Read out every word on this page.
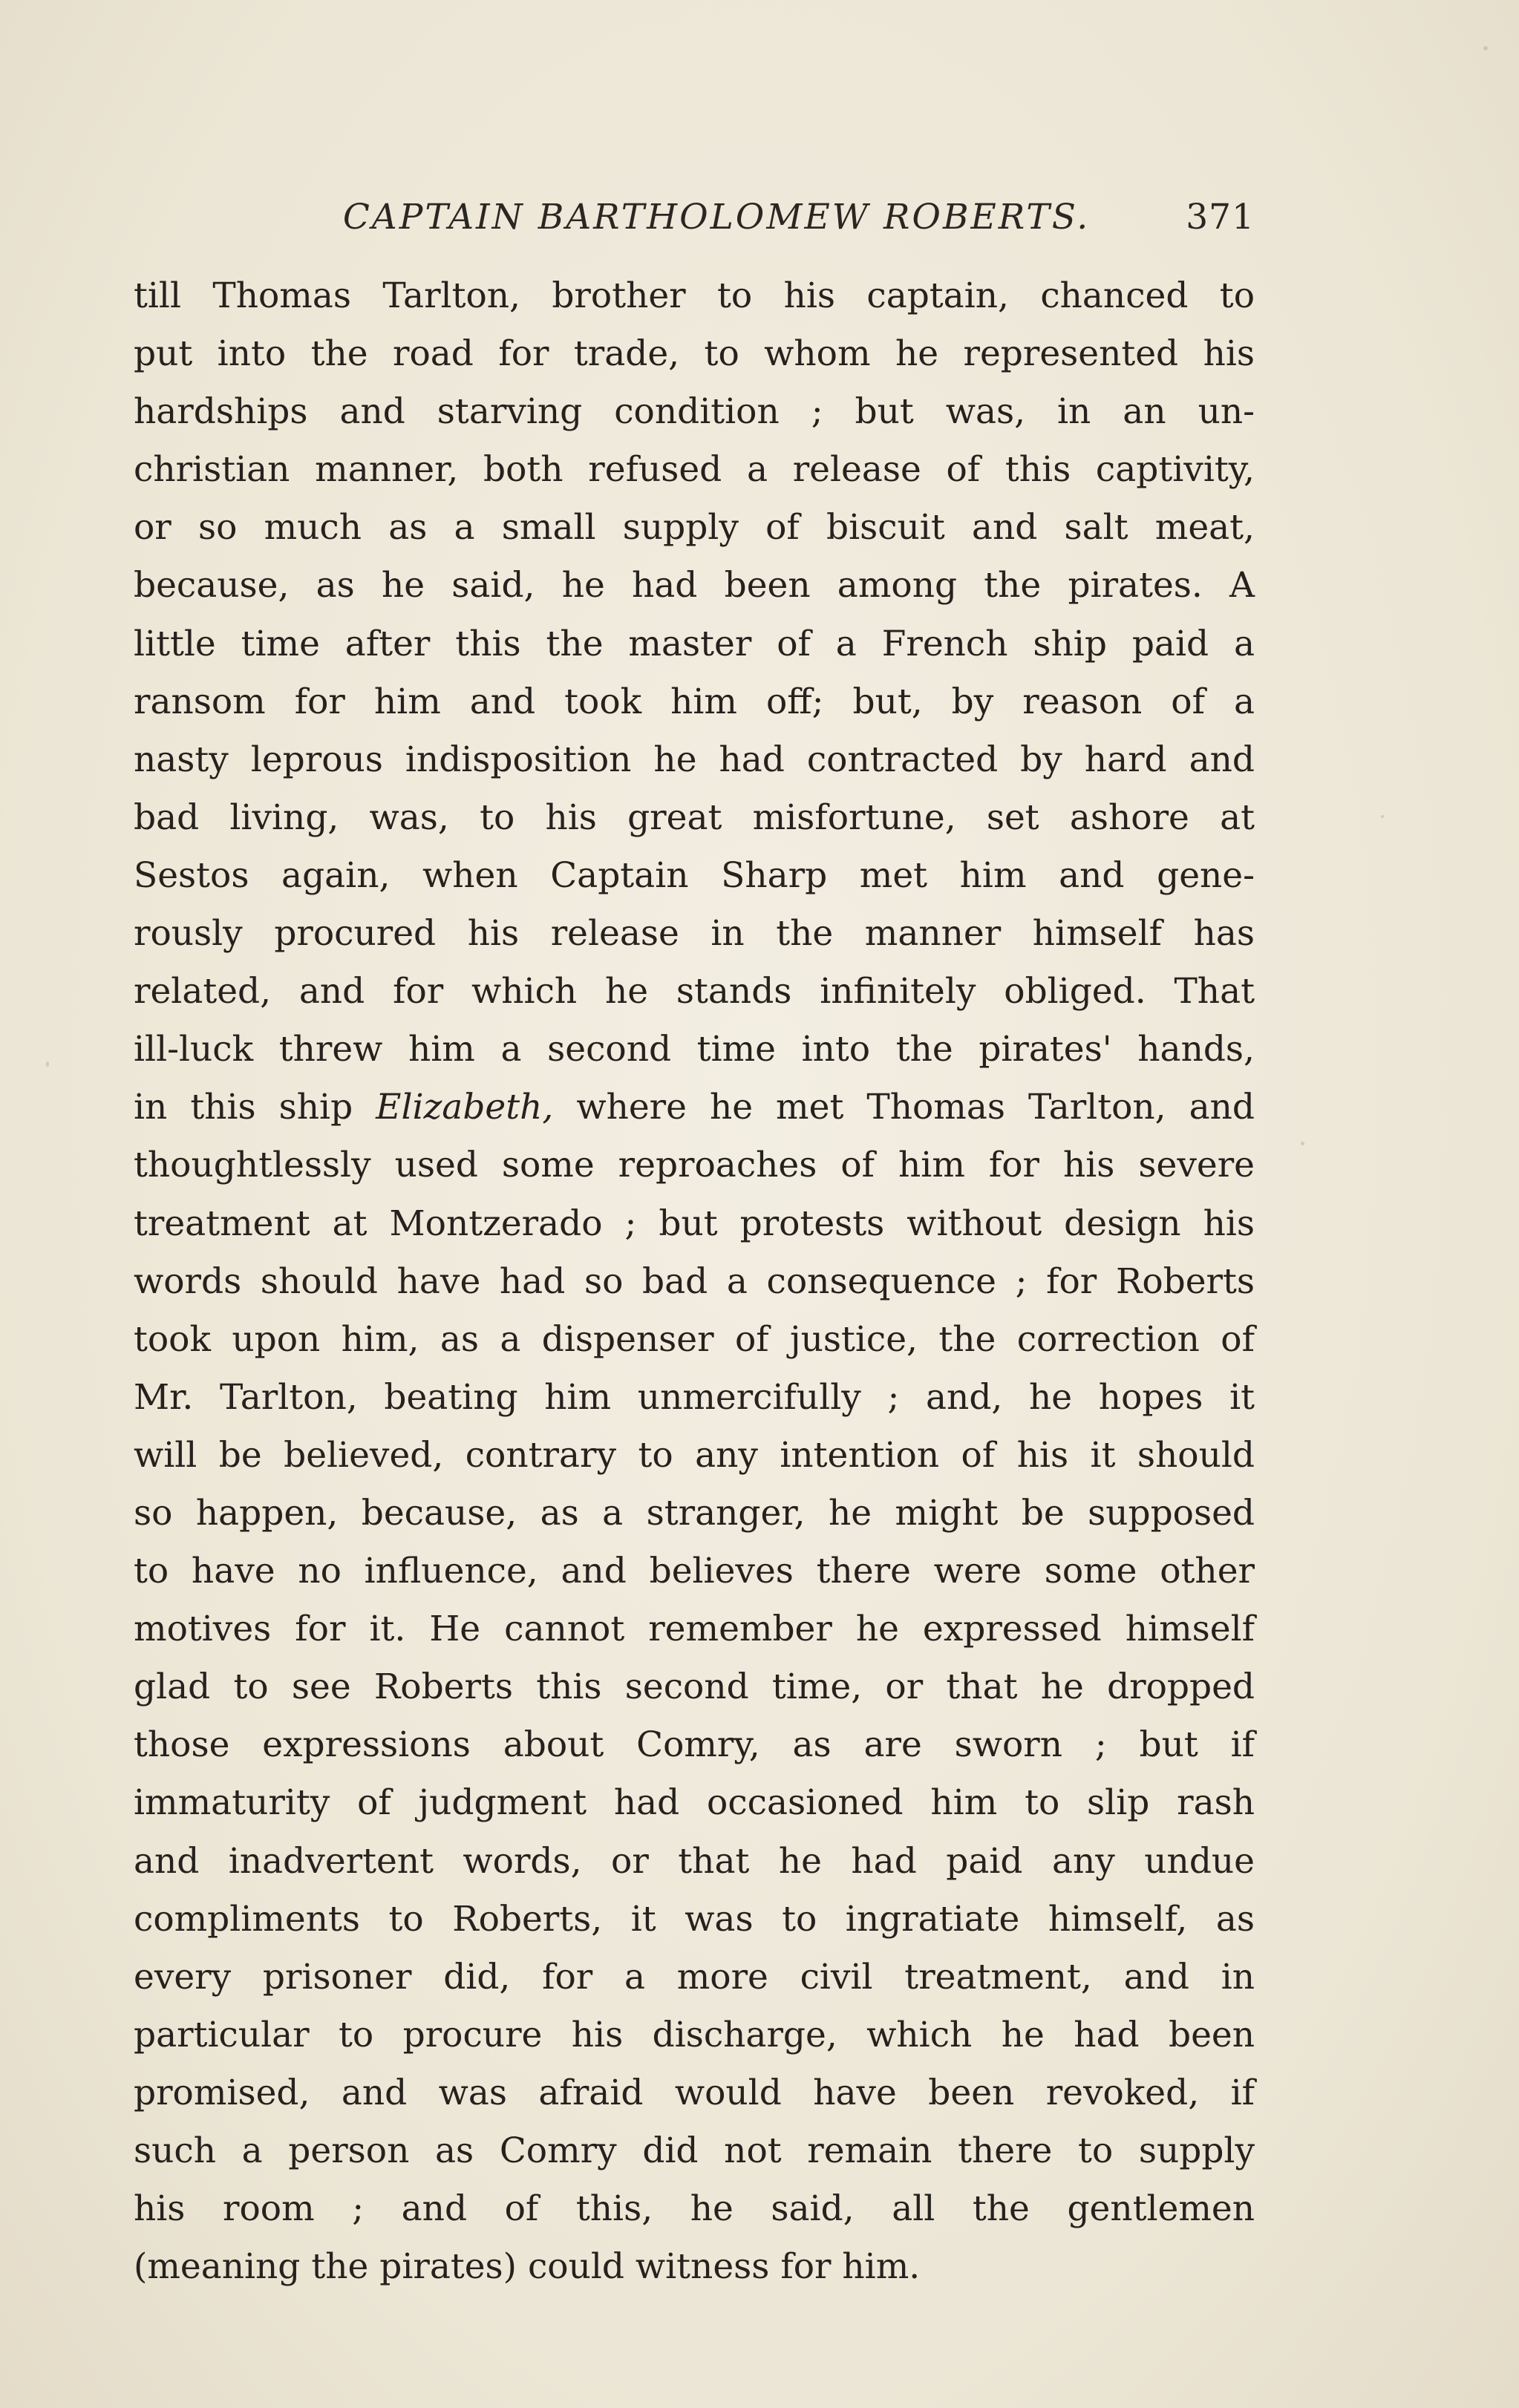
CAPTAIN BARTHOLOMEW ROBERTS.	371
till Thomas Tarlton, brother to his captain, chanced to
put into the road for trade, to whom he represented his
hardships and starving condition ; but was, in an un-
christian manner, both refused a release of this captivity,
or so much as a small supply of biscuit and salt meat,
because, as he said, he had been among the pirates. A
little time after this the master of a French ship paid a
ransom for him and took him off; but, by reason of a
nasty leprous indisposition he had contracted by hard and
bad living, was, to his great misfortune, set ashore at
Sestos again, when Captain Sharp met him and gene-
rously procured his release in the manner himself has
related, and for which he stands infinitely obliged. That
ill-luck threw him a second time into the pirates' hands,
in this ship Elizabeth, where he met Thomas Tarlton, and
thoughtlessly used some reproaches of him for his severe
treatment at Montzerado ; but protests without design his
words should have had so bad a consequence ; for Roberts
took upon him, as a dispenser of justice, the correction of
Mr. Tarlton, beating him unmercifully ; and, he hopes it
will be believed, contrary to any intention of his it should
so happen, because, as a stranger, he might be supposed
to have no influence, and believes there were some other
motives for it. He cannot remember he expressed himself
glad to see Roberts this second time, or that he dropped
those expressions about Comry, as are sworn ; but if
immaturity of judgment had occasioned him to slip rash
and inadvertent words, or that he had paid any undue
compliments to Roberts, it was to ingratiate himself, as
every prisoner did, for a more civil treatment, and in
particular to procure his discharge, which he had been
promised, and was afraid would have been revoked, if
such a person as Comry did not remain there to supply
his room ; and of this, he said, all the gentlemen
(meaning the pirates) could witness for him.
